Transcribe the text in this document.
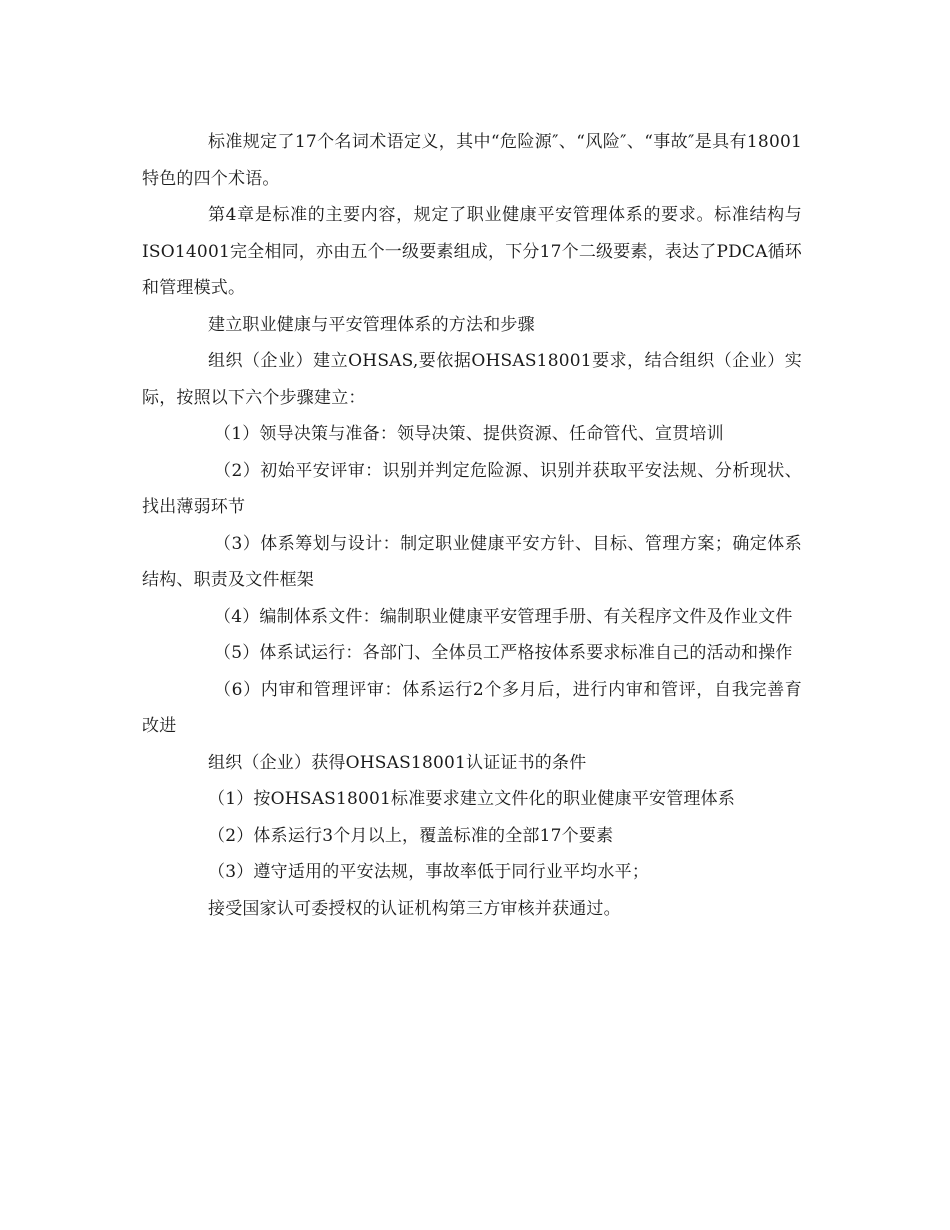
标准规定了17个名词术语定义，其中“危险源″、“风险″、“事故″是具有18001特色的四个术语。

第4章是标准的主要内容，规定了职业健康平安管理体系的要求。标准结构与ISO14001完全相同，亦由五个一级要素组成，下分17个二级要素，表达了PDCA循环和管理模式。

建立职业健康与平安管理体系的方法和步骤

组织（企业）建立OHSAS,要依据OHSAS18001要求，结合组织（企业）实际，按照以下六个步骤建立：

（1）领导决策与准备：领导决策、提供资源、任命管代、宣贯培训

（2）初始平安评审：识别并判定危险源、识别并获取平安法规、分析现状、找出薄弱环节

（3）体系筹划与设计：制定职业健康平安方针、目标、管理方案；确定体系结构、职责及文件框架

（4）编制体系文件：编制职业健康平安管理手册、有关程序文件及作业文件

（5）体系试运行：各部门、全体员工严格按体系要求标准自己的活动和操作

（6）内审和管理评审：体系运行2个多月后，进行内审和管评，自我完善育改进

组织（企业）获得OHSAS18001认证证书的条件

（1）按OHSAS18001标准要求建立文件化的职业健康平安管理体系

（2）体系运行3个月以上，覆盖标准的全部17个要素

（3）遵守适用的平安法规，事故率低于同行业平均水平；

接受国家认可委授权的认证机构第三方审核并获通过。
